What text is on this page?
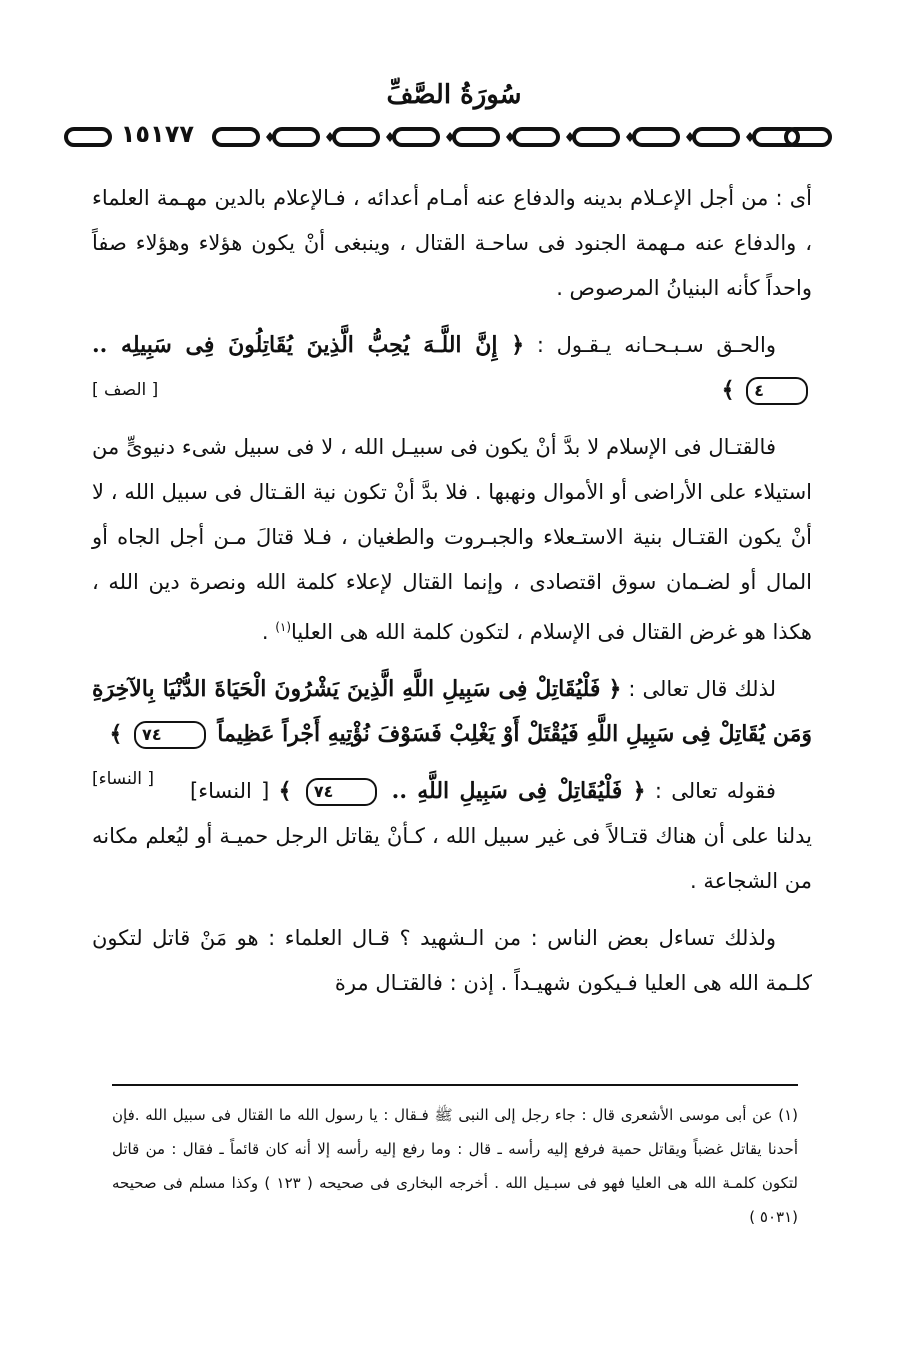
سُورَةُ الصَّفِّ
١٥١٧٧

أى : من أجل الإعـلام بدينه والدفاع عنه أمـام أعدائه ، فـالإعلام بالدين مهـمة العلماء ، والدفاع عنه مـهمة الجنود فى ساحـة القتال ، وينبغى أنْ يكون هؤلاء وهؤلاء صفاً واحداً كأنه البنيانُ المرصوص .

والحـق سـبـحـانه يـقـول : ﴿ إِنَّ اللَّـهَ يُحِبُّ الَّذِينَ يُقَاتِلُونَ فِى سَبِيلِه .. ٤ ﴾
[ الصف ]

فالقتـال فى الإسلام لا بدَّ أنْ يكون فى سبيـل الله ، لا فى سبيل شىء دنيوىٍّ من استيلاء على الأراضى أو الأموال ونهبها . فلا بدَّ أنْ تكون نية القـتال فى سبيل الله ، لا أنْ يكون القتـال بنية الاستـعلاء والجبـروت والطغيان ، فـلا قتالَ مـن أجل الجاه أو المال أو لضـمان سوق اقتصادى ، وإنما القتال لإعلاء كلمة الله ونصرة دين الله ، هكذا هو غرض القتال فى الإسلام ، لتكون كلمة الله هى العليا$^{(١)}$ .

لذلك قال تعالى : ﴿ فَلْيُقَاتِلْ فِى سَبِيلِ اللَّهِ الَّذِينَ يَشْرُونَ الْحَيَاةَ الدُّنْيَا بِالآخِرَةِ وَمَن يُقَاتِلْ فِى سَبِيلِ اللَّهِ فَيُقْتَلْ أَوْ يَغْلِبْ فَسَوْفَ نُؤْتِيهِ أَجْراً عَظِيماً ٧٤ ﴾
[ النساء]	فقوله تعالى : ﴿ فَلْيُقَاتِلْ فِى سَبِيلِ اللَّهِ .. ٧٤ ﴾ [ النساء] يدلنا على أن هناك قتـالاً فى غير سبيل الله ، كـأنْ يقاتل الرجل حميـة أو ليُعلم مكانه من الشجاعة .

ولذلك تساءل بعض الناس : من الـشهيد ؟ قـال العلماء : هو مَنْ قاتل لتكون كلـمة الله هى العليا فـيكون شهيـداً . إذن : فالقتـال مرة

(١) عن أبى موسى الأشعرى قال : جاء رجل إلى النبى ﷺ فـقال : يا رسول الله ما القتال فى سبيل الله .فإن أحدنا يقاتل غضباً ويقاتل حمية فرفع إليه رأسه ـ قال : وما رفع إليه رأسه إلا أنه كان قائماً ـ فقال : من قاتل لتكون كلمـة الله هى العليا فهو فى سبـيل الله . أخرجه البخارى فى صحيحه ( ١٢٣ ) وكذا مسلم فى صحيحه (٥٠٣١ )
